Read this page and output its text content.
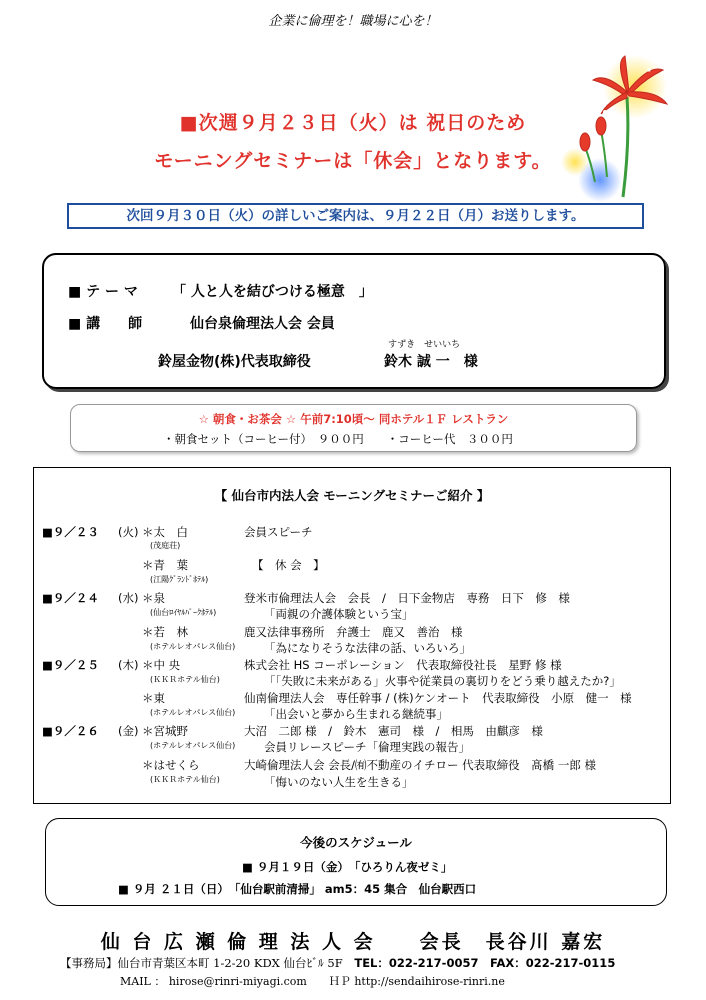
企業に倫理を！職場に心を！
■次週９月２３日（火）は 祝日のため
モーニングセミナーは「休会」となります。
次回９月３０日（火）の詳しいご案内は、９月２２日（月）お送りします。
■ テ ー マ 「 人と人を結びつける極意　」
■ 講　　師	仙台泉倫理法人会 会員
すずき　せいいち
鈴屋金物(株)代表取締役	鈴木 誠 一　様
☆ 朝食・お茶会 ☆ 午前7:10頃～ 同ホテル１Ｆ レストラン
・朝食セット（コーヒー付）　９００円　　・コーヒー代　３００円
【 仙台市内法人会 モーニングセミナーご紹介 】
■９／２３ (火) ＊太　白
(茂庭荘)
会員スピーチ
＊青　葉
(江陽ｸﾞﾗﾝﾄﾞﾎﾃﾙ)
【　休 会　】
■９／２４ (水) ＊泉
(仙台ﾛｲﾔﾙﾊﾟｰｸﾎﾃﾙ)
登米市倫理法人会　会長　/　日下金物店　専務　日下　修　様
「両親の介護体験という宝」
＊若　林
(ホテルレオパレス仙台)
鹿又法律事務所　弁護士　鹿又　善治　様
「為になりそうな法律の話、いろいろ」
■９／２５ (木) ＊中 央
(ＫＫＲホテル仙台)
株式会社 HS コーポレーション　代表取締役社長　星野 修 様
「「失敗に未来がある」火事や従業員の裏切りをどう乗り越えたか?」
＊東
(ホテルレオパレス仙台)
仙南倫理法人会　専任幹事 / (株)ケンオート　代表取締役　小原　健一　様
「出会いと夢から生まれる継続事」
■９／２６ (金) ＊宮城野
(ホテルレオパレス仙台)
大沼　二郎 様　/　鈴木　憲司　様　/　相馬　由麒彦　様
会員リレースピーチ「倫理実践の報告」
＊はせくら
(ＫＫＲホテル仙台)
大崎倫理法人会 会長/㈲不動産のイチロー 代表取締役　髙橋 一郎 様
「悔いのない人生を生きる」
今後のスケジュール
■ ９月１９日（金）　「ひろりん夜ゼミ」
■ ９月 ２１日（日）　「仙台駅前清掃」 am5：45 集合　仙台駅西口
仙 台 広 瀬 倫 理 法 人 会　　会長　長谷川 嘉宏
【事務局】仙台市青葉区本町 1-2-20 KDX 仙台ﾋﾞﾙ 5F TEL：022-217-0057　FAX：022-217-0115
MAIL ： hirose@rinri-miyagi.com　　ＨＰ http://sendaihirose-rinri.ne
